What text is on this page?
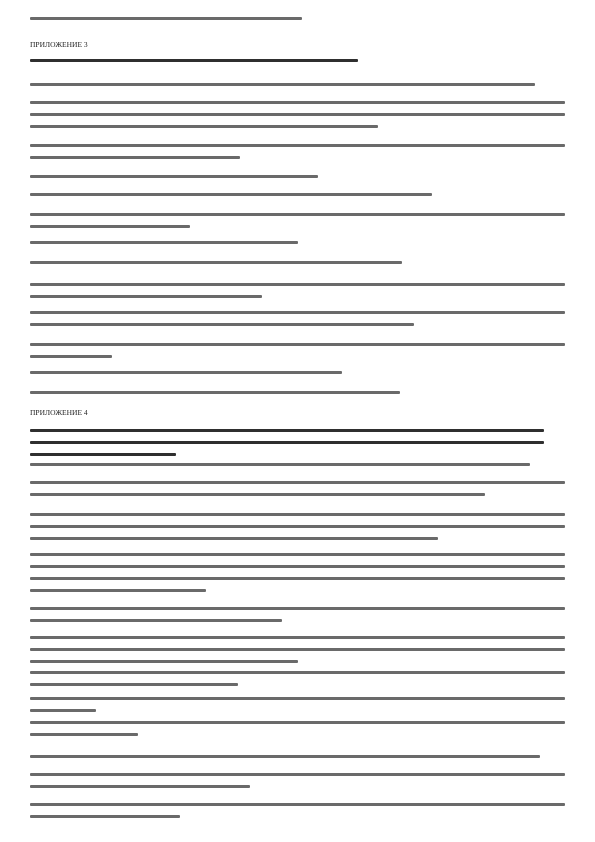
ПРИЛОЖЕНИЕ 3
ПРИЛОЖЕНИЕ 4
